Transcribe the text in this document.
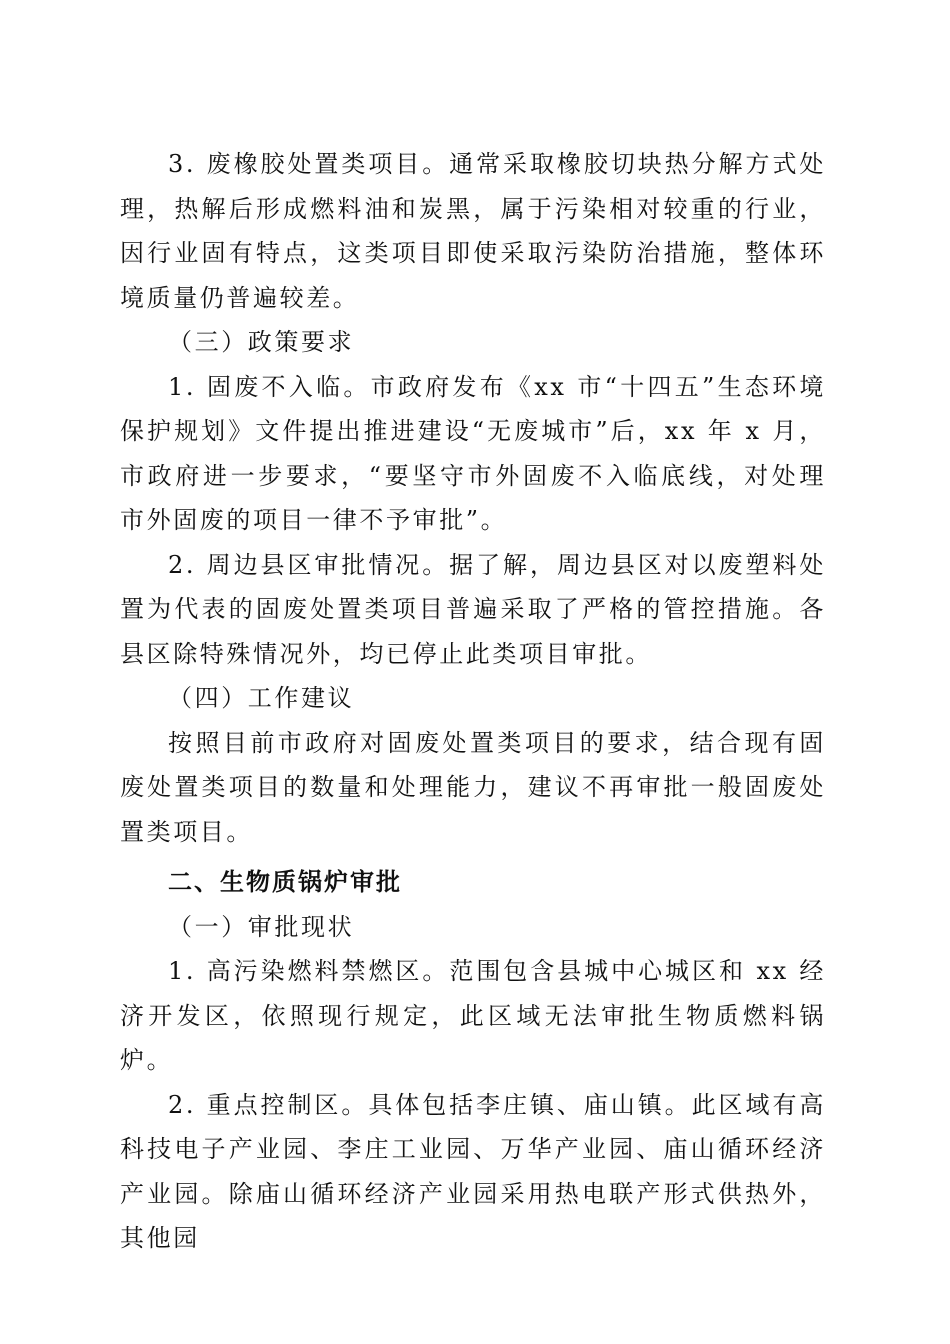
3. 废橡胶处置类项目。通常采取橡胶切块热分解方式处理，热解后形成燃料油和炭黑，属于污染相对较重的行业，因行业固有特点，这类项目即使采取污染防治措施，整体环境质量仍普遍较差。

（三）政策要求

1. 固废不入临。市政府发布《xx 市“十四五”生态环境保护规划》文件提出推进建设“无废城市”后，xx 年 x 月，市政府进一步要求，“要坚守市外固废不入临底线，对处理市外固废的项目一律不予审批”。

2. 周边县区审批情况。据了解，周边县区对以废塑料处置为代表的固废处置类项目普遍采取了严格的管控措施。各县区除特殊情况外，均已停止此类项目审批。

（四）工作建议

按照目前市政府对固废处置类项目的要求，结合现有固废处置类项目的数量和处理能力，建议不再审批一般固废处置类项目。

二、生物质锅炉审批

（一）审批现状

1. 高污染燃料禁燃区。范围包含县城中心城区和 xx 经济开发区，依照现行规定，此区域无法审批生物质燃料锅炉。

2. 重点控制区。具体包括李庄镇、庙山镇。此区域有高科技电子产业园、李庄工业园、万华产业园、庙山循环经济产业园。除庙山循环经济产业园采用热电联产形式供热外，其他园
